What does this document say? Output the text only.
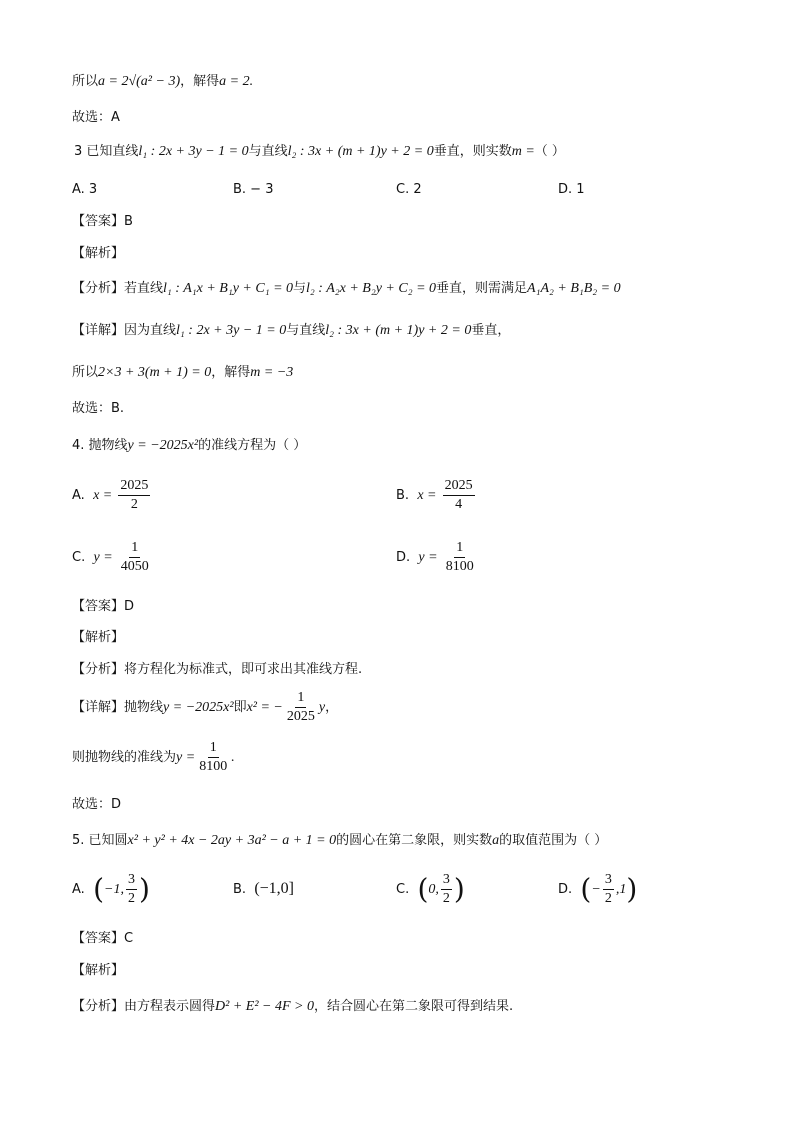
所以a = 2√(a² − 3)，解得a = 2.
故选：A
3 已知直线l₁ : 2x + 3y − 1 = 0与直线l₂ : 3x + (m + 1)y + 2 = 0垂直，则实数m =（ ）
A. 3	B. − 3	C. 2	D. 1
【答案】B
【解析】
【分析】若直线l₁ : A₁x + B₁y + C₁ = 0与l₂ : A₂x + B₂y + C₂ = 0垂直，则需满足A₁A₂ + B₁B₂ = 0
【详解】因为直线l₁ : 2x + 3y − 1 = 0与直线l₂ : 3x + (m + 1)y + 2 = 0垂直，
所以2×3 + 3(m + 1) = 0，解得m = −3
故选：B.
4. 抛物线y = −2025x²的准线方程为（ ）
A. $x = \frac{2025}{2}$	B. $x = \frac{2025}{4}$
C. $y = \frac{1}{4050}$	D. $y = \frac{1}{8100}$
【答案】D
【解析】
【分析】将方程化为标准式，即可求出其准线方程.
【详解】抛物线y = −2025x²即x² = − $\frac{1}{2025}$ y，
则抛物线的准线为$y = \frac{1}{8100}$ .
故选：D
5. 已知圆x² + y² + 4x − 2ay + 3a² − a + 1 = 0的圆心在第二象限，则实数a的取值范围为（ ）
A. (−1, $\frac{3}{2}$ )	B. (−1,0]	C. (0, $\frac{3}{2}$ )	D. (− $\frac{3}{2} ,1$)
【答案】C
【解析】
【分析】由方程表示圆得D² + E² − 4F > 0，结合圆心在第二象限可得到结果.
